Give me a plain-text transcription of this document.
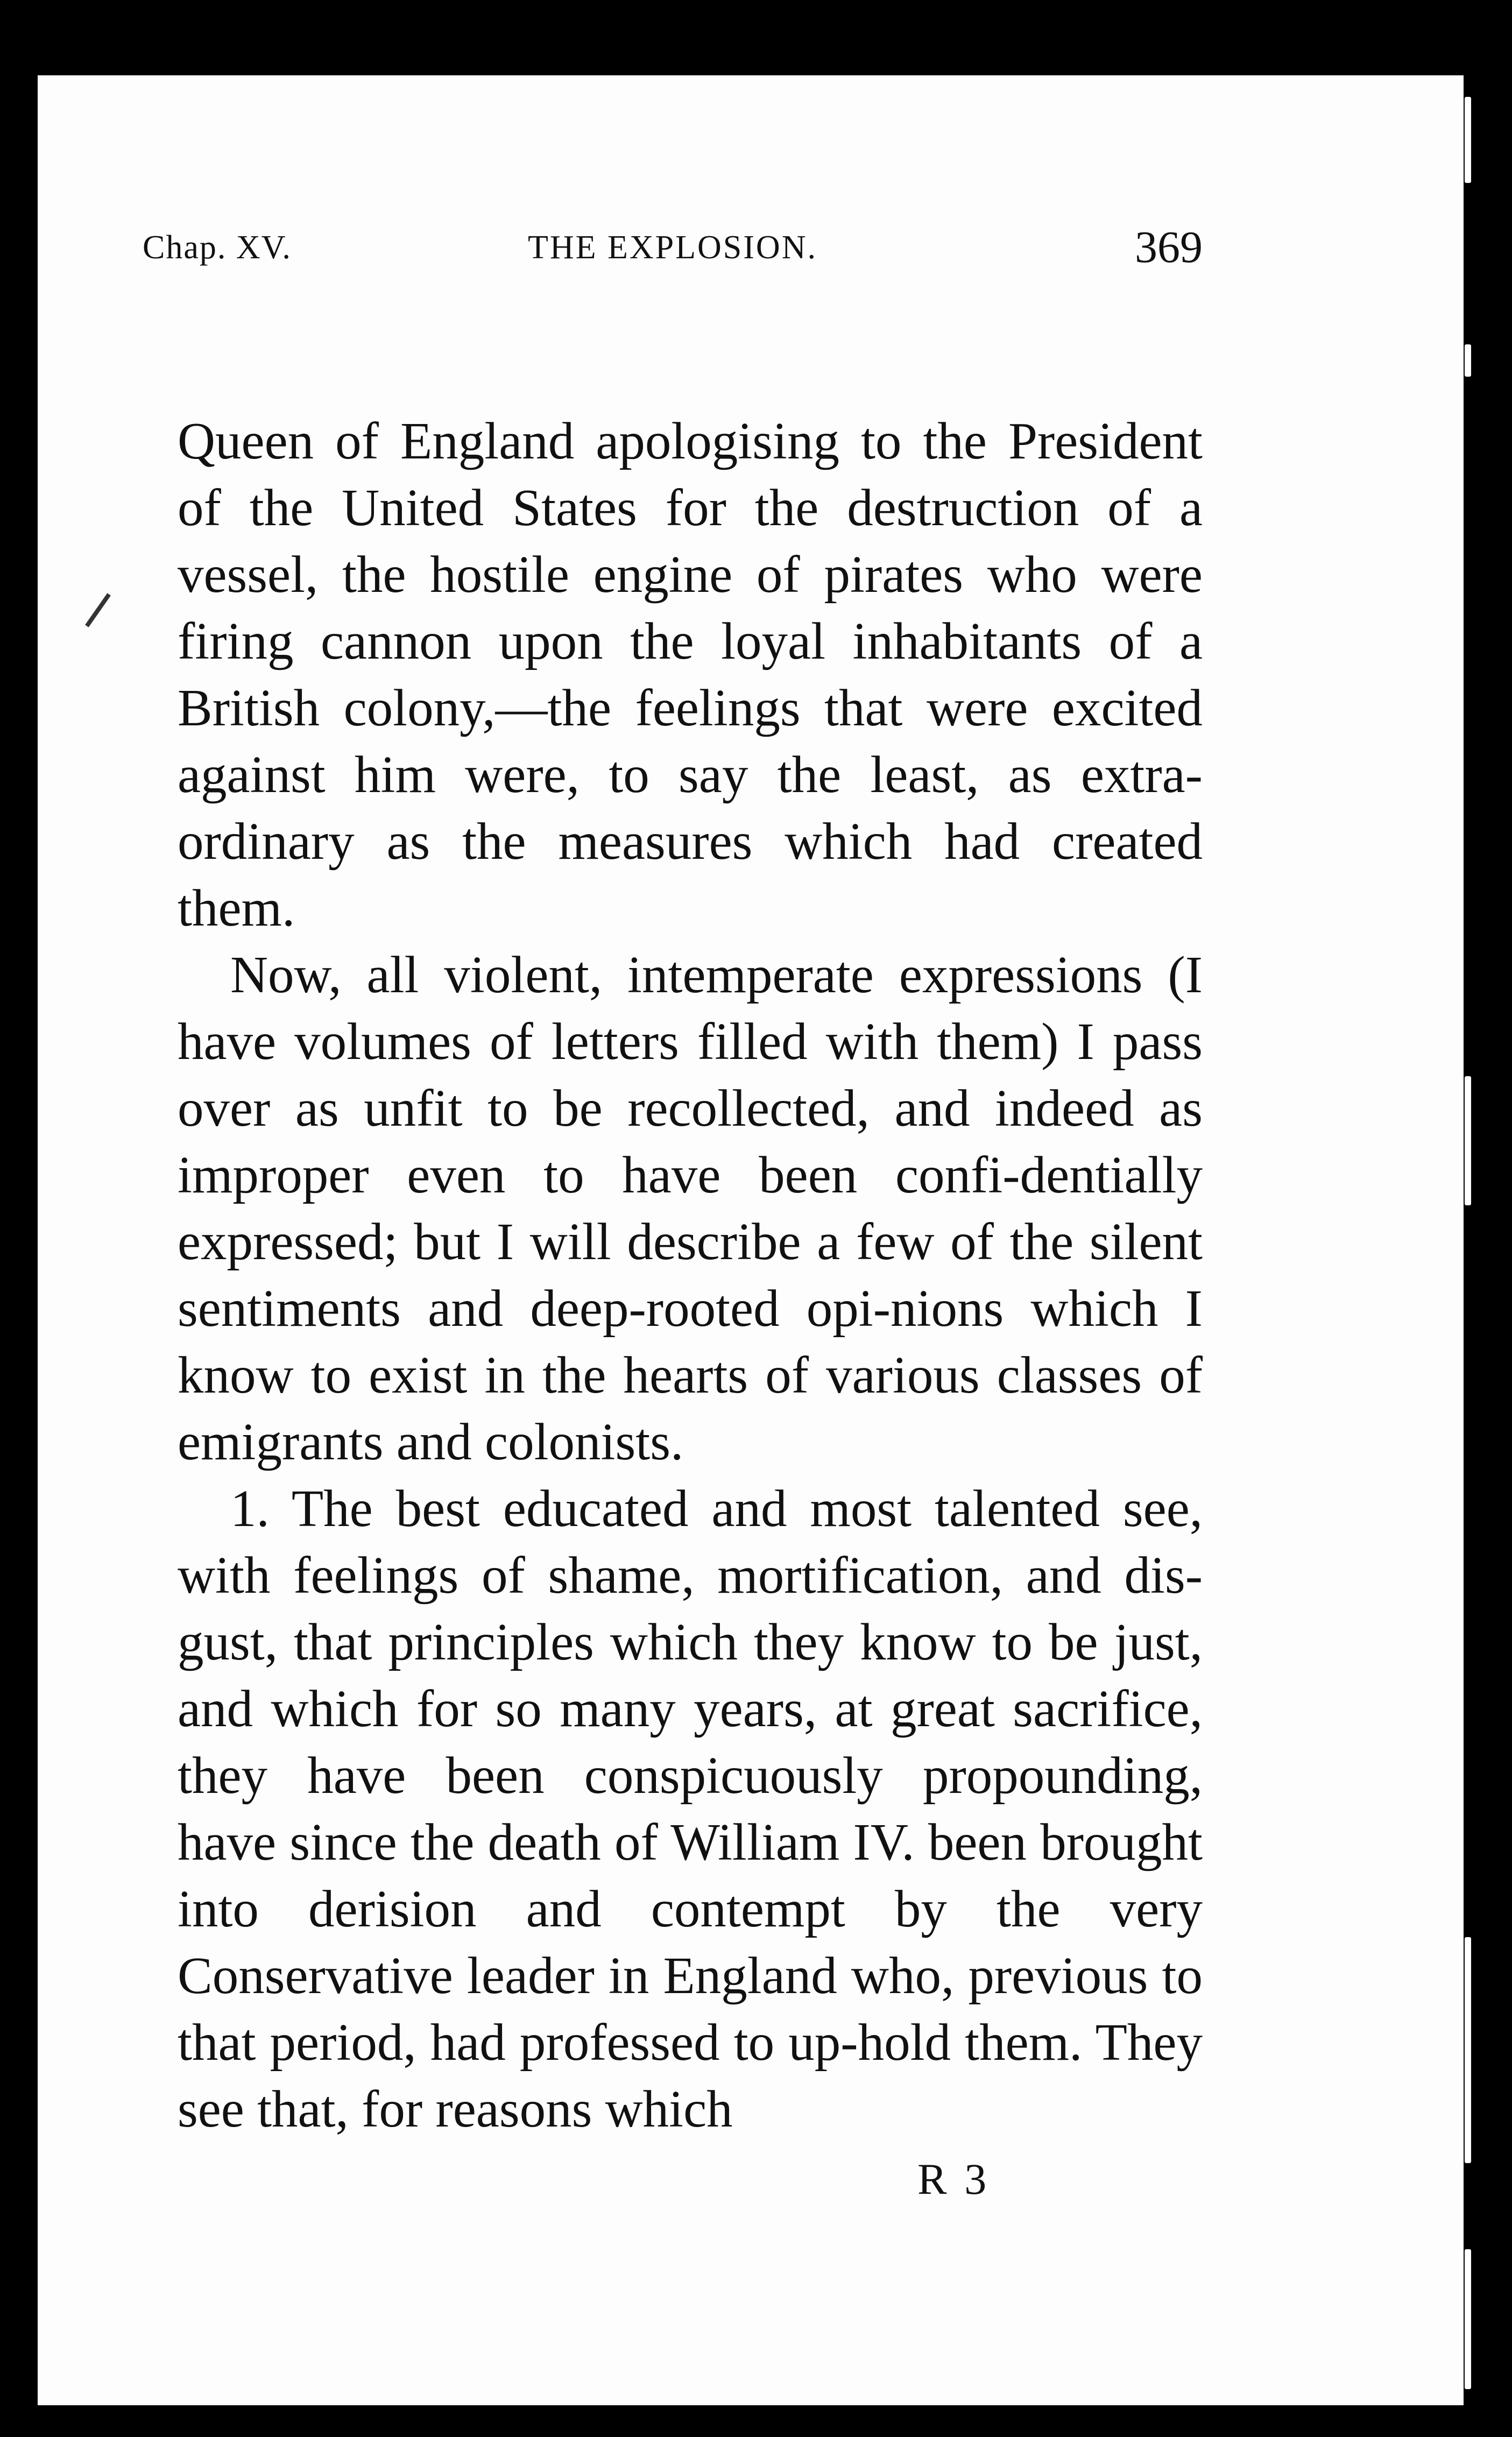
Chap. XV.	THE EXPLOSION.	369

Queen of England apologising to the President of the United States for the destruction of a vessel, the hostile engine of pirates who were firing cannon upon the loyal inhabitants of a British colony,—the feelings that were excited against him were, to say the least, as extra-ordinary as the measures which had created them.

Now, all violent, intemperate expressions (I have volumes of letters filled with them) I pass over as unfit to be recollected, and indeed as improper even to have been confi-dentially expressed; but I will describe a few of the silent sentiments and deep-rooted opi-nions which I know to exist in the hearts of various classes of emigrants and colonists.

1. The best educated and most talented see, with feelings of shame, mortification, and dis-gust, that principles which they know to be just, and which for so many years, at great sacrifice, they have been conspicuously propounding, have since the death of William IV. been brought into derision and contempt by the very Conservative leader in England who, previous to that period, had professed to up-hold them. They see that, for reasons which

R 3
